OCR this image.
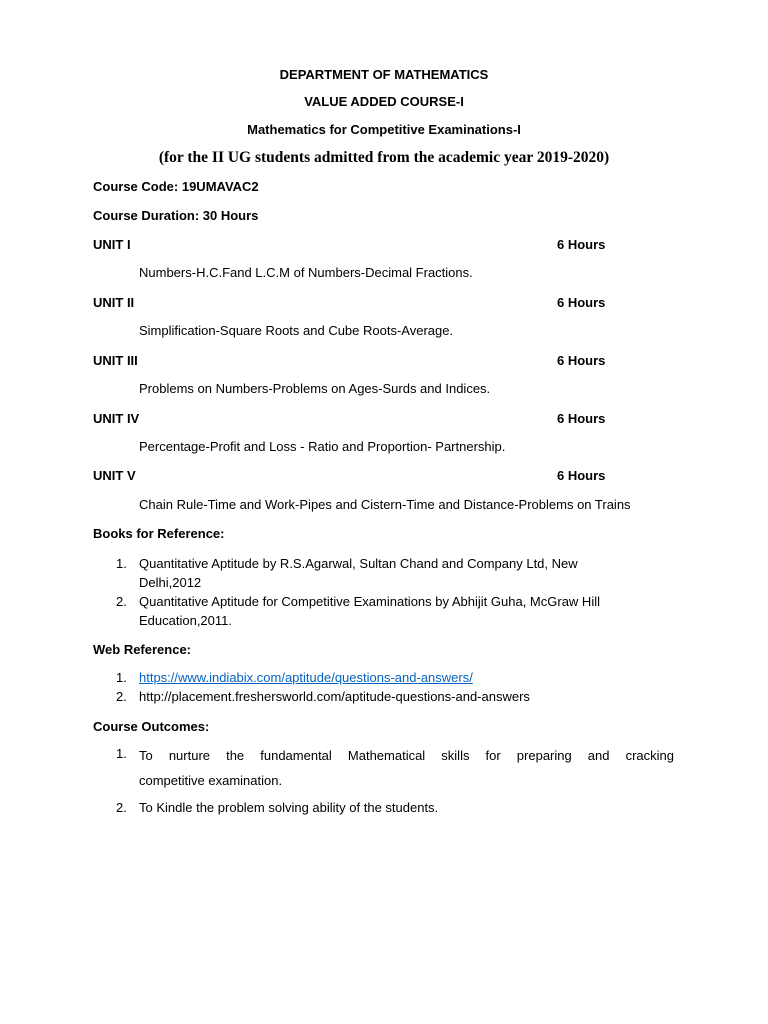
DEPARTMENT OF MATHEMATICS
VALUE ADDED COURSE-I
Mathematics for Competitive Examinations-I
(for the II UG students admitted from the academic year 2019-2020)
Course Code: 19UMAVAC2
Course Duration: 30 Hours
UNIT I	6 Hours
Numbers-H.C.Fand L.C.M of Numbers-Decimal Fractions.
UNIT II	6 Hours
Simplification-Square Roots and Cube Roots-Average.
UNIT III	6 Hours
Problems on Numbers-Problems on Ages-Surds and Indices.
UNIT IV	6 Hours
Percentage-Profit and Loss - Ratio and Proportion- Partnership.
UNIT V	6 Hours
Chain Rule-Time and Work-Pipes and Cistern-Time and Distance-Problems on Trains
Books for Reference:
1. Quantitative Aptitude by R.S.Agarwal, Sultan Chand and Company Ltd, New
Delhi,2012
2. Quantitative Aptitude for Competitive Examinations by Abhijit Guha, McGraw Hill
Education,2011.
Web Reference:
1. https://www.indiabix.com/aptitude/questions-and-answers/
2. http://placement.freshersworld.com/aptitude-questions-and-answers
Course Outcomes:
1. To nurture the fundamental Mathematical skills for preparing and cracking
competitive examination.
2. To Kindle the problem solving ability of the students.
